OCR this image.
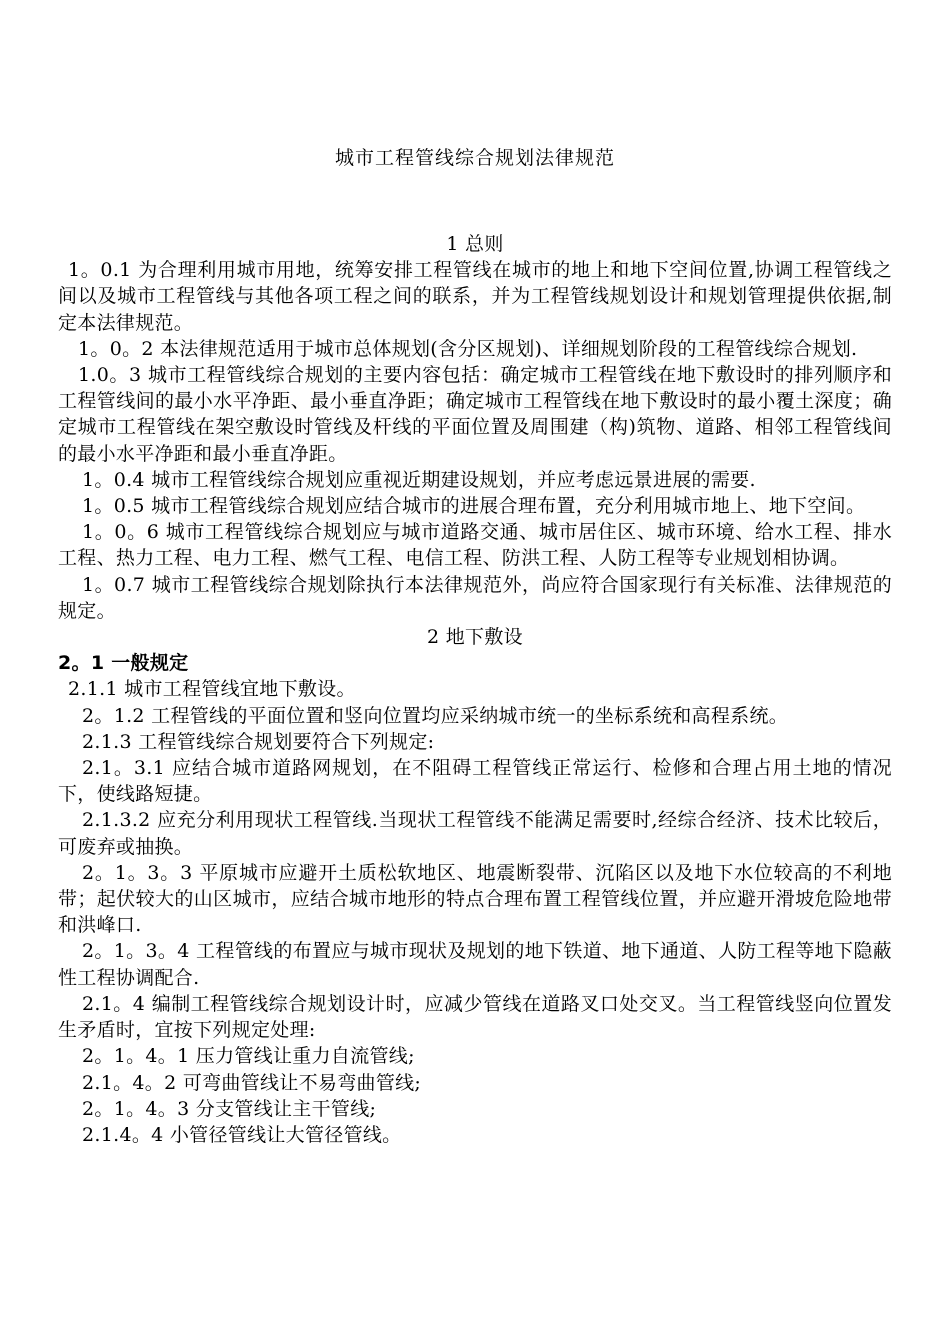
城市工程管线综合规划法律规范
1 总则

1。0.1 为合理利用城市用地，统筹安排工程管线在城市的地上和地下空间位置,协调工程管线之间以及城市工程管线与其他各项工程之间的联系，并为工程管线规划设计和规划管理提供依据,制定本法律规范。

1。0。2 本法律规范适用于城市总体规划(含分区规划)、详细规划阶段的工程管线综合规划.

1.0。3 城市工程管线综合规划的主要内容包括：确定城市工程管线在地下敷设时的排列顺序和工程管线间的最小水平净距、最小垂直净距；确定城市工程管线在地下敷设时的最小覆土深度；确定城市工程管线在架空敷设时管线及杆线的平面位置及周围建（构)筑物、道路、相邻工程管线间的最小水平净距和最小垂直净距。

1。0.4 城市工程管线综合规划应重视近期建设规划，并应考虑远景进展的需要.

1。0.5 城市工程管线综合规划应结合城市的进展合理布置，充分利用城市地上、地下空间。

1。0。6 城市工程管线综合规划应与城市道路交通、城市居住区、城市环境、给水工程、排水工程、热力工程、电力工程、燃气工程、电信工程、防洪工程、人防工程等专业规划相协调。

1。0.7 城市工程管线综合规划除执行本法律规范外，尚应符合国家现行有关标准、法律规范的规定。

2 地下敷设
2。1 一般规定

2.1.1 城市工程管线宜地下敷设。

2。1.2 工程管线的平面位置和竖向位置均应采纳城市统一的坐标系统和高程系统。

2.1.3 工程管线综合规划要符合下列规定:

2.1。3.1 应结合城市道路网规划，在不阻碍工程管线正常运行、检修和合理占用土地的情况下，使线路短捷。

2.1.3.2 应充分利用现状工程管线.当现状工程管线不能满足需要时,经综合经济、技术比较后，可废弃或抽换。

2。1。3。3 平原城市应避开土质松软地区、地震断裂带、沉陷区以及地下水位较高的不利地带；起伏较大的山区城市，应结合城市地形的特点合理布置工程管线位置，并应避开滑坡危险地带和洪峰口.

2。1。3。4 工程管线的布置应与城市现状及规划的地下铁道、地下通道、人防工程等地下隐蔽性工程协调配合.

2.1。4 编制工程管线综合规划设计时，应减少管线在道路叉口处交叉。当工程管线竖向位置发生矛盾时，宜按下列规定处理:

2。1。4。1 压力管线让重力自流管线;

2.1。4。2 可弯曲管线让不易弯曲管线;

2。1。4。3 分支管线让主干管线;

2.1.4。4 小管径管线让大管径管线。
